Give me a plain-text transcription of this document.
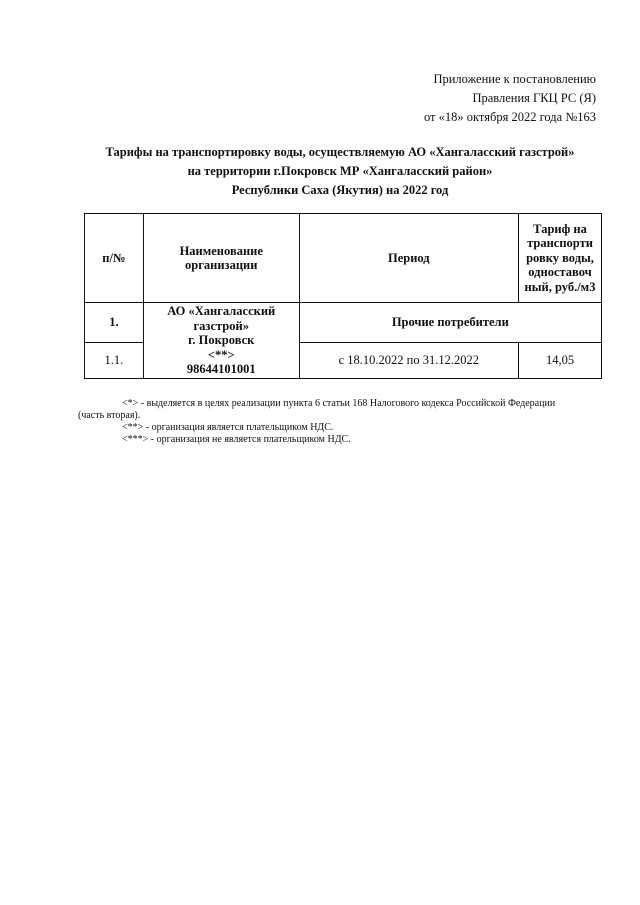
Приложение к постановлению
Правления ГКЦ РС (Я)
от «18» октября 2022 года №163
Тарифы на транспортировку воды, осуществляемую АО «Хангаласский газстрой»
на территории г.Покровск МР «Хангаласский район»
Республики Саха (Якутия) на 2022 год
п/№	Наименование организации	Период	Тариф на транспорти ровку воды, одноставоч ный, руб./м3
1.	АО «Хангаласский газстрой»
г. Покровск
<**>
98644101001	Прочие потребители	
1.1.		с 18.10.2022 по 31.12.2022	14,05
<*> - выделяется в целях реализации пункта 6 статьи 168 Налогового кодекса Российской Федерации
(часть вторая).
<**> - организация является плательщиком НДС.
<***> - организация не является плательщиком НДС.
